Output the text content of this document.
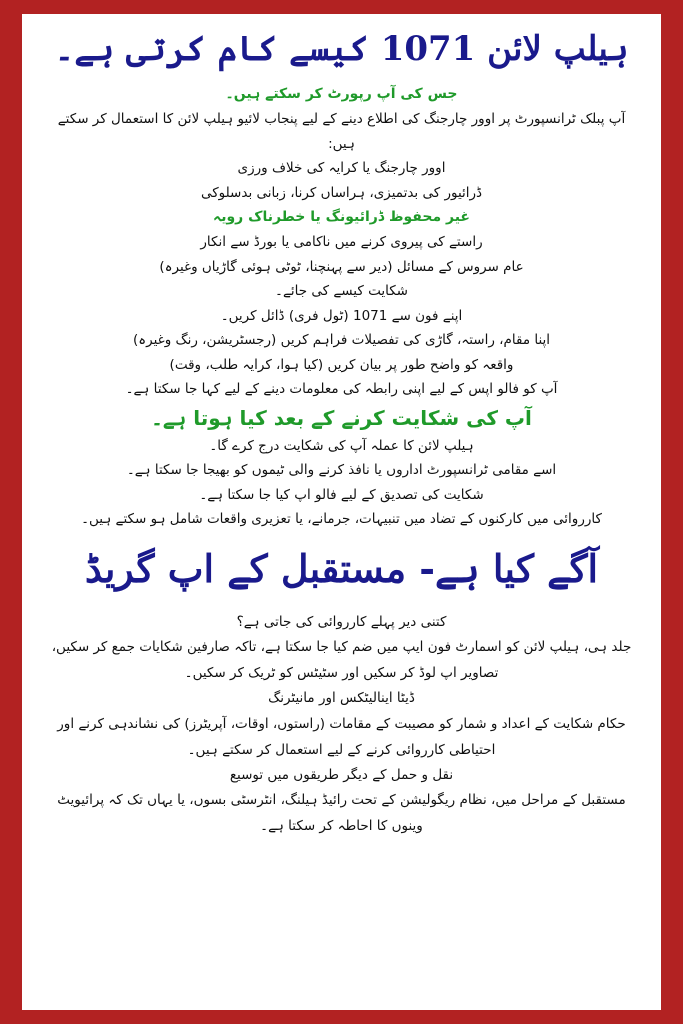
ہیلپ لائن 1071 کیسے کام کرتی ہے۔
جس کی آپ رپورٹ کر سکتے ہیں۔
آپ پبلک ٹرانسپورٹ پر اوور چارجنگ کی اطلاع دینے کے لیے پنجاب لائیو ہیلپ لائن کا استعمال کر سکتے ہیں:
اوور چارجنگ یا کرایہ کی خلاف ورزی
ڈرائیور کی بدتمیزی، ہراساں کرنا، زبانی بدسلوکی
غیر محفوظ ڈرائیونگ یا خطرناک رویہ
راستے کی پیروی کرنے میں ناکامی یا بورڈ سے انکار
عام سروس کے مسائل (دیر سے پہنچنا، ٹوٹی ہوئی گاڑیاں وغیرہ)
شکایت کیسے کی جائے۔
اپنے فون سے 1071 (ٹول فری) ڈائل کریں۔
اپنا مقام، راستہ، گاڑی کی تفصیلات فراہم کریں (رجسٹریشن، رنگ وغیرہ)
واقعہ کو واضح طور پر بیان کریں (کیا ہوا، کرایہ طلب، وقت)
آپ کو فالو اپس کے لیے اپنی رابطہ کی معلومات دینے کے لیے کہا جا سکتا ہے۔
آپ کی شکایت کرنے کے بعد کیا ہوتا ہے۔
ہیلپ لائن کا عملہ آپ کی شکایت درج کرے گا۔
اسے مقامی ٹرانسپورٹ اداروں یا نافذ کرنے والی ٹیموں کو بھیجا جا سکتا ہے۔
شکایت کی تصدیق کے لیے فالو اپ کیا جا سکتا ہے۔
کارروائی میں کارکنوں کے تضاد میں تنبیہات، جرمانے، یا تعزیری واقعات شامل ہو سکتے ہیں۔
آگے کیا ہے- مستقبل کے اپ گریڈ
کتنی دیر پہلے کارروائی کی جاتی ہے؟
جلد ہی، ہیلپ لائن کو اسمارٹ فون ایپ میں ضم کیا جا سکتا ہے، تاکہ صارفین شکایات جمع کر سکیں، تصاویر اپ لوڈ کر سکیں اور سٹیٹس کو ٹریک کر سکیں۔
ڈیٹا اینالیٹکس اور مانیٹرنگ
حکام شکایت کے اعداد و شمار کو مصیبت کے مقامات (راستوں، اوقات، آپریٹرز) کی نشاندہی کرنے اور احتیاطی کارروائی کرنے کے لیے استعمال کر سکتے ہیں۔
نقل و حمل کے دیگر طریقوں میں توسیع
مستقبل کے مراحل میں، نظام ریگولیشن کے تحت رائیڈ ہیلنگ، انٹرسٹی بسوں، یا یہاں تک کہ پرائیویٹ وینوں کا احاطہ کر سکتا ہے۔
